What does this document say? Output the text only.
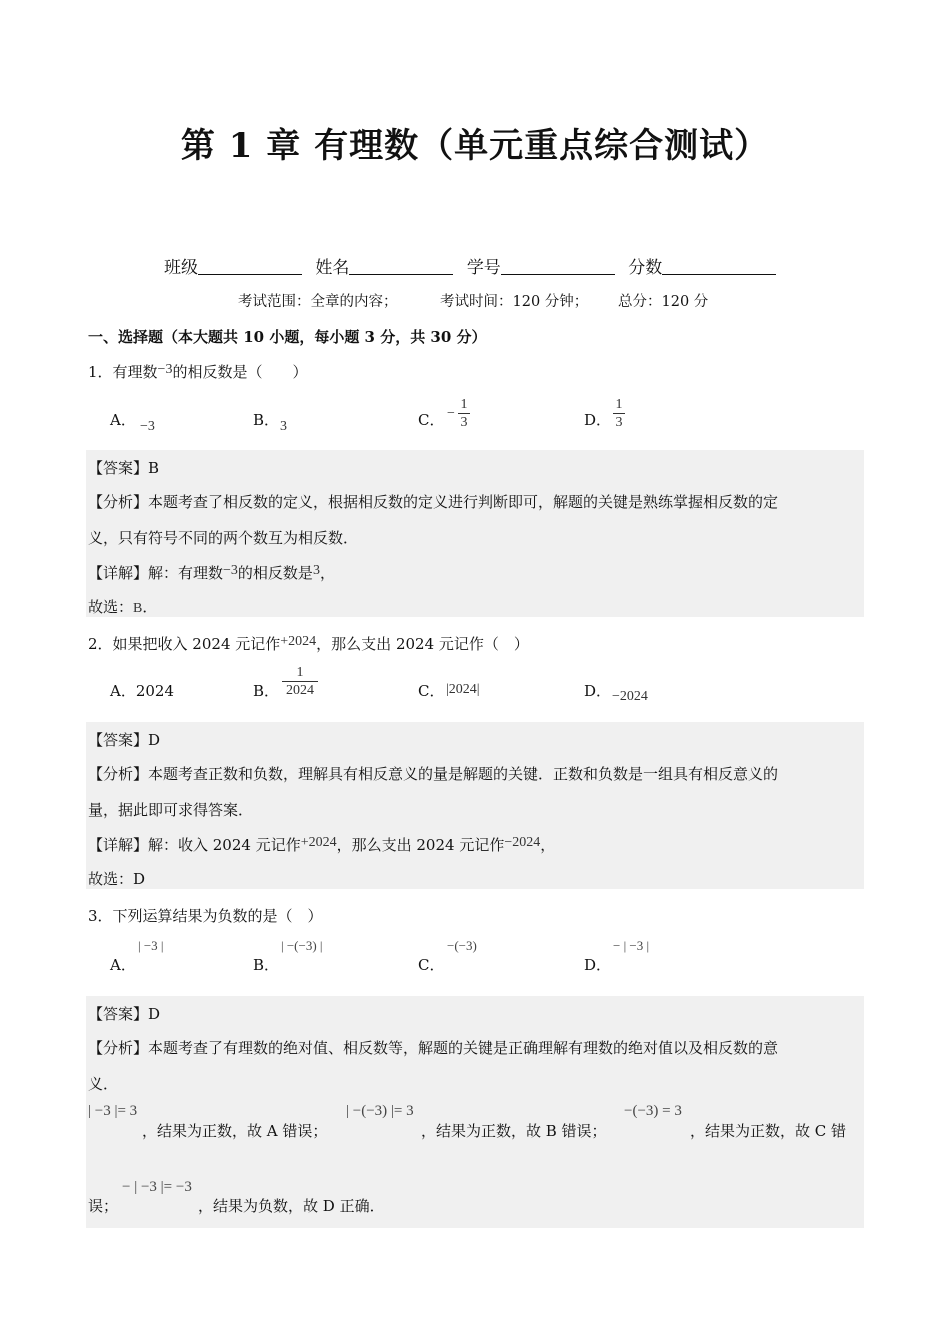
第 1 章 有理数（单元重点综合测试）
班级	姓名	学号	分数
考试范围：全章的内容；	考试时间：120 分钟； 总分：120 分
一、选择题（本大题共 10 小题，每小题 3 分，共 30 分）
1．有理数−3的相反数是（　　）
A． −3	B． 3	C． −
1
3	D．
1
3
【答案】B
【分析】本题考查了相反数的定义，根据相反数的定义进行判断即可，解题的关键是熟练掌握相反数的定
义，只有符号不同的两个数互为相反数．
【详解】解：有理数−3的相反数是3，
故选：B．
2．如果把收入 2024 元记作+2024，那么支出 2024 元记作（　）
A．2024	B．
1
2024	C． |2024|	D． −2024
【答案】D
【分析】本题考查正数和负数，理解具有相反意义的量是解题的关键．正数和负数是一组具有相反意义的
量，据此即可求得答案．
【详解】解：收入 2024 元记作+2024，那么支出 2024 元记作−2024，
故选：D
3．下列运算结果为负数的是（　）
A．
| −3 |
B．
| −(−3) |
C．
−(−3)
D．
− | −3 |
【答案】D
【分析】本题考查了有理数的绝对值、相反数等，解题的关键是正确理解有理数的绝对值以及相反数的意
义．
| −3 |= 3
，结果为正数，故 A 错误；
| −(−3) |= 3
，结果为正数，故 B 错误；
−(−3) = 3
，结果为正数，故 C 错
误；
− | −3 |= −3
，结果为负数，故 D 正确．
